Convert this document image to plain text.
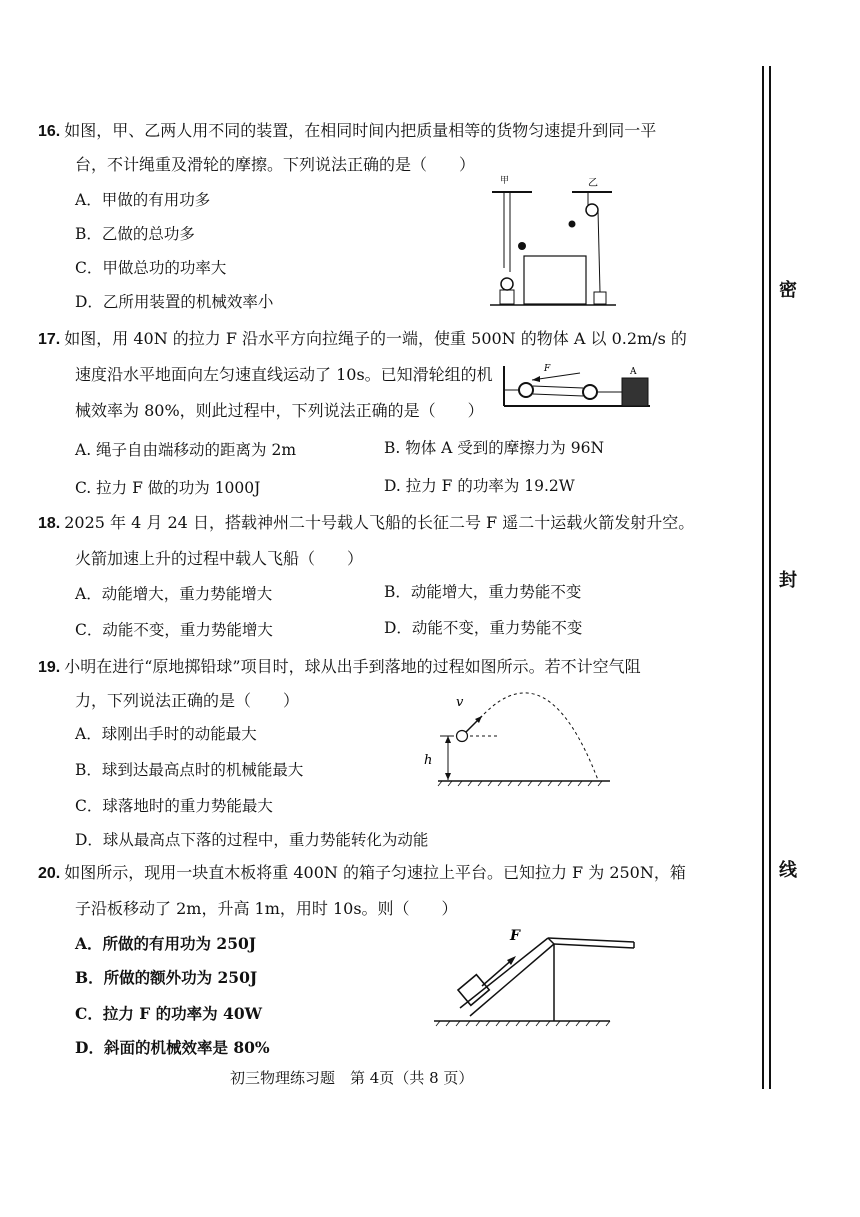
16. 如图，甲、乙两人用不同的装置，在相同时间内把质量相等的货物匀速提升到同一平
台，不计绳重及滑轮的摩擦。下列说法正确的是（　　）
A．甲做的有用功多
B．乙做的总功多
C．甲做总功的功率大
D．乙所用装置的机械效率小
甲	乙
17. 如图，用 40N 的拉力 F 沿水平方向拉绳子的一端，使重 500N 的物体 A 以 0.2m/s 的
速度沿水平地面向左匀速直线运动了 10s。已知滑轮组的机
械效率为 80%，则此过程中，下列说法正确的是（　　）
A. 绳子自由端移动的距离为 2m	B. 物体 A 受到的摩擦力为 96N
C. 拉力 F 做的功为 1000J	D. 拉力 F 的功率为 19.2W
F	A
18. 2025 年 4 月 24 日，搭载神州二十号载人飞船的长征二号 F 遥二十运载火箭发射升空。
火箭加速上升的过程中载人飞船（　　）
A．动能增大，重力势能增大	B．动能增大，重力势能不变
C．动能不变，重力势能增大	D．动能不变，重力势能不变
19. 小明在进行“原地掷铅球”项目时，球从出手到落地的过程如图所示。若不计空气阻
力，下列说法正确的是（　　）
A．球刚出手时的动能最大
B．球到达最高点时的机械能最大
C．球落地时的重力势能最大
D．球从最高点下落的过程中，重力势能转化为动能
v
h
20. 如图所示，现用一块直木板将重 400N 的箱子匀速拉上平台。已知拉力 F 为 250N，箱
子沿板移动了 2m，升高 1m，用时 10s。则（　　）
A．所做的有用功为 250J
B．所做的额外功为 250J
C．拉力 F 的功率为 40W
D．斜面的机械效率是 80%
F
初三物理练习题　第 4页（共 8 页）
密
封
线
